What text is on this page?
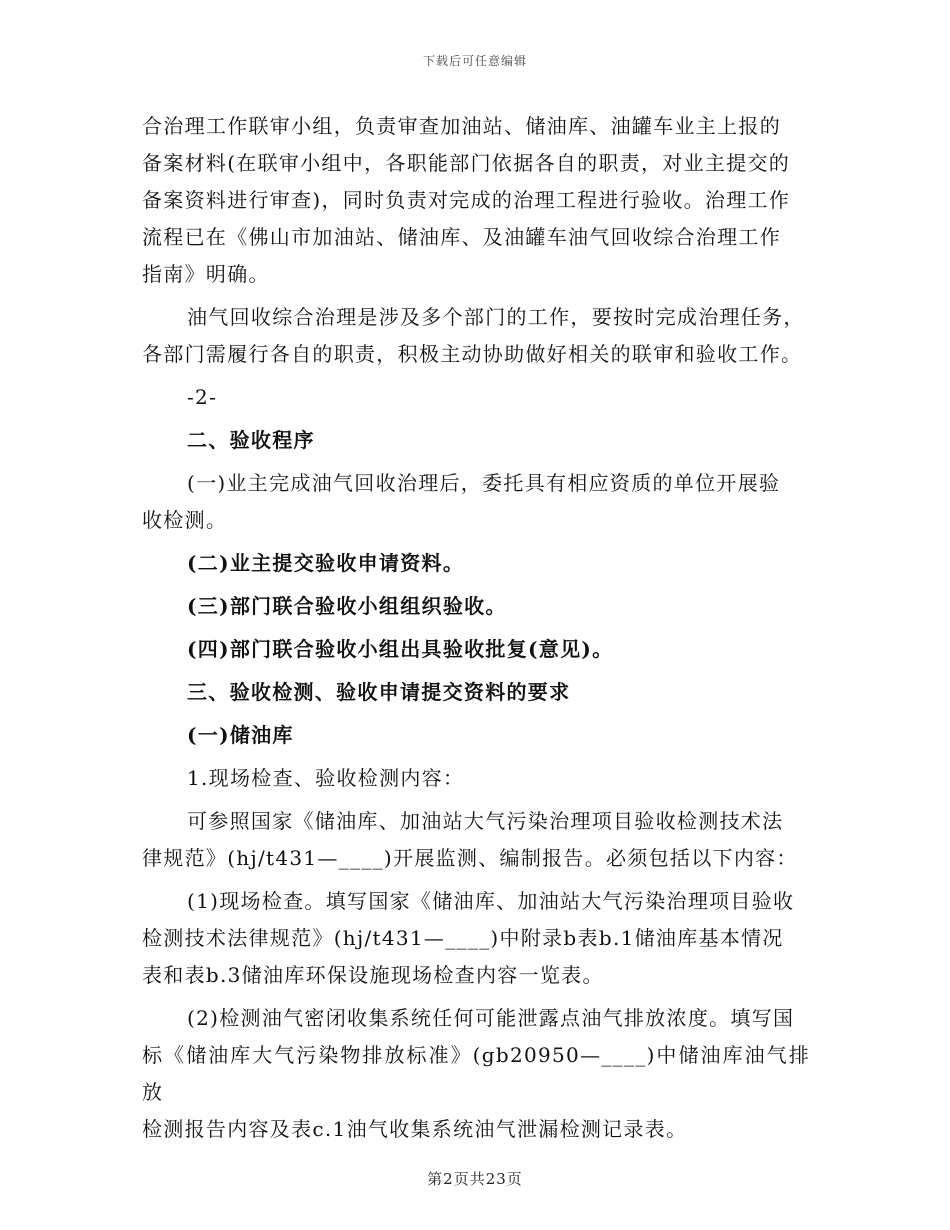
下载后可任意编辑

合治理工作联审小组，负责审查加油站、储油库、油罐车业主上报的

备案材料(在联审小组中，各职能部门依据各自的职责，对业主提交的

备案资料进行审查)，同时负责对完成的治理工程进行验收。治理工作

流程已在《佛山市加油站、储油库、及油罐车油气回收综合治理工作

指南》明确。

油气回收综合治理是涉及多个部门的工作，要按时完成治理任务，

各部门需履行各自的职责，积极主动协助做好相关的联审和验收工作。

-2-

二、验收程序

(一)业主完成油气回收治理后，委托具有相应资质的单位开展验

收检测。

(二)业主提交验收申请资料。

(三)部门联合验收小组组织验收。

(四)部门联合验收小组出具验收批复(意见)。

三、验收检测、验收申请提交资料的要求

(一)储油库

1.现场检查、验收检测内容：

可参照国家《储油库、加油站大气污染治理项目验收检测技术法

律规范》(hj/t431—____)开展监测、编制报告。必须包括以下内容：

(1)现场检查。填写国家《储油库、加油站大气污染治理项目验收

检测技术法律规范》(hj/t431—____)中附录b表b.1储油库基本情况

表和表b.3储油库环保设施现场检查内容一览表。

(2)检测油气密闭收集系统任何可能泄露点油气排放浓度。填写国

标《储油库大气污染物排放标准》(gb20950—____)中储油库油气排放

检测报告内容及表c.1油气收集系统油气泄漏检测记录表。

第2页共23页
